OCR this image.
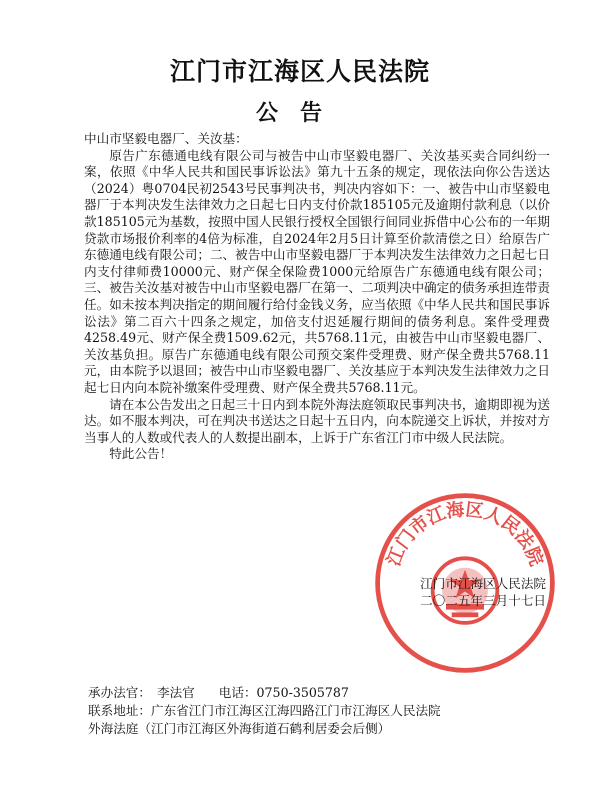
江门市江海区人民法院
公告

中山市坚毅电器厂、关汝基：

原告广东德通电线有限公司与被告中山市坚毅电器厂、关汝基买卖合同纠纷一案，依照《中华人民共和国民事诉讼法》第九十五条的规定，现依法向你公告送达（2024）粤0704民初2543号民事判决书，判决内容如下：一、被告中山市坚毅电器厂于本判决发生法律效力之日起七日内支付价款185105元及逾期付款利息（以价款185105元为基数，按照中国人民银行授权全国银行间同业拆借中心公布的一年期贷款市场报价利率的4倍为标准，自2024年2月5日计算至价款清偿之日）给原告广东德通电线有限公司；二、被告中山市坚毅电器厂于本判决发生法律效力之日起七日内支付律师费10000元、财产保全保险费1000元给原告广东德通电线有限公司；三、被告关汝基对被告中山市坚毅电器厂在第一、二项判决中确定的债务承担连带责任。如未按本判决指定的期间履行给付金钱义务，应当依照《中华人民共和国民事诉讼法》第二百六十四条之规定，加倍支付迟延履行期间的债务利息。案件受理费4258.49元、财产保全费1509.62元，共5768.11元，由被告中山市坚毅电器厂、关汝基负担。原告广东德通电线有限公司预交案件受理费、财产保全费共5768.11元，由本院予以退回；被告中山市坚毅电器厂、关汝基应于本判决发生法律效力之日起七日内向本院补缴案件受理费、财产保全费共5768.11元。

请在本公告发出之日起三十日内到本院外海法庭领取民事判决书，逾期即视为送达。如不服本判决，可在判决书送达之日起十五日内，向本院递交上诉状，并按对方当事人的人数或代表人的人数提出副本，上诉于广东省江门市中级人民法院。

特此公告！

江门市江海区人民法院
江门市江海区人民法院
二〇二五年三月十七日

承办法官： 李法官 电话：0750-3505787

联系地址：广东省江门市江海区江海四路江门市江海区人民法院

外海法庭（江门市江海区外海街道石鹤利居委会后侧）
